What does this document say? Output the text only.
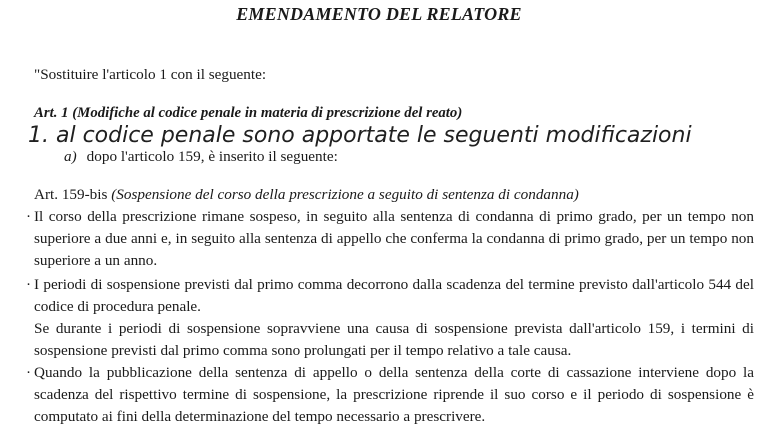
EMENDAMENTO DEL RELATORE
"Sostituire l'articolo 1 con il seguente:
Art. 1 (Modifiche al codice penale in materia di prescrizione del reato)
1. al codice penale sono apportate le seguenti modificazioni
a) dopo l'articolo 159, è inserito il seguente:
Art. 159-bis (Sospensione del corso della prescrizione a seguito di sentenza di condanna)
· Il corso della prescrizione rimane sospeso, in seguito alla sentenza di condanna di primo grado, per un tempo non superiore a due anni e, in seguito alla sentenza di appello che conferma la condanna di primo grado, per un tempo non superiore a un anno.
· I periodi di sospensione previsti dal primo comma decorrono dalla scadenza del termine previsto dall'articolo 544 del codice di procedura penale.
Se durante i periodi di sospensione sopravviene una causa di sospensione prevista dall'articolo 159, i termini di sospensione previsti dal primo comma sono prolungati per il tempo relativo a tale causa.
· Quando la pubblicazione della sentenza di appello o della sentenza della corte di cassazione interviene dopo la scadenza del rispettivo termine di sospensione, la prescrizione riprende il suo corso e il periodo di sospensione è computato ai fini della determinazione del tempo necessario a prescrivere.
